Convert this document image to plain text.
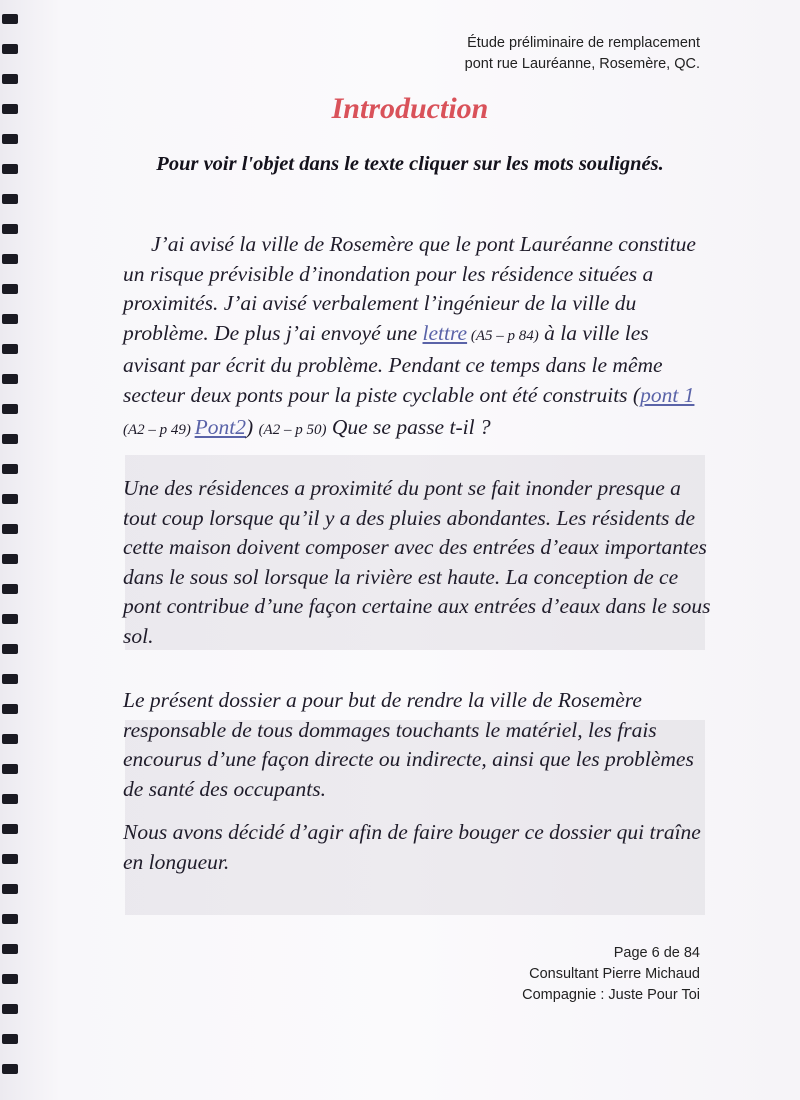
Étude préliminaire de remplacement
pont rue Lauréanne, Rosemère, QC.
Introduction
Pour voir l'objet dans le texte cliquer sur les mots soulignés.
J’ai avisé la ville de Rosemère que le pont Lauréanne constitue un risque prévisible d’inondation pour les résidence situées a proximités. J’ai avisé verbalement l’ingénieur de la ville du problème. De plus j’ai envoyé une lettre (A5 – p 84) à la ville les avisant par écrit du problème. Pendant ce temps dans le même secteur deux ponts pour la piste cyclable ont été construits (pont 1 (A2 – p 49) Pont2) (A2 – p 50) Que se passe t-il ?
Une des résidences a proximité du pont se fait inonder presque a tout coup lorsque qu’il y a des pluies abondantes. Les résidents de cette maison doivent composer avec des entrées d’eaux importantes dans le sous sol lorsque la rivière est haute. La conception de ce pont contribue d’une façon certaine aux entrées d’eaux dans le sous sol.
Le présent dossier a pour but de rendre la ville de Rosemère responsable de tous dommages touchants le matériel, les frais encourus d’une façon directe ou indirecte, ainsi que les problèmes de santé des occupants.
Nous avons décidé d’agir afin de faire bouger ce dossier qui traîne en longueur.
Page 6 de 84
Consultant Pierre Michaud
Compagnie : Juste Pour Toi
